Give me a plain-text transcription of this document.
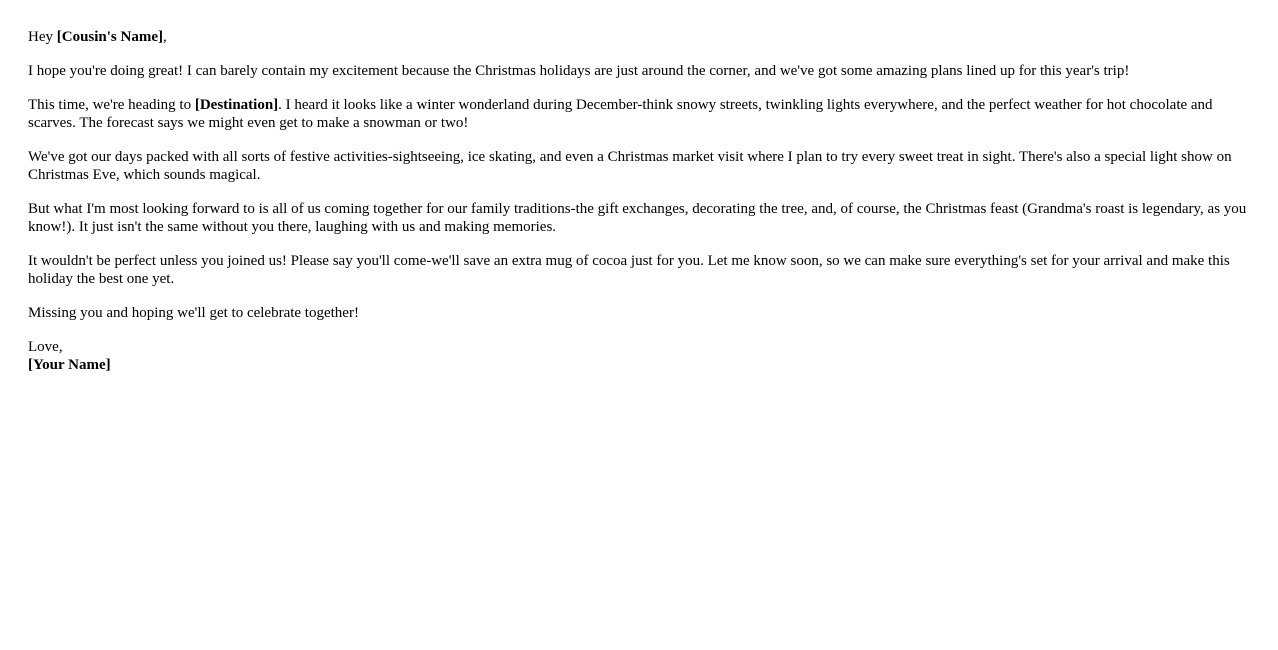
Hey [Cousin's Name],

I hope you're doing great! I can barely contain my excitement because the Christmas holidays are just around the corner, and we've got some amazing plans lined up for this year's trip!

This time, we're heading to [Destination]. I heard it looks like a winter wonderland during December-think snowy streets, twinkling lights everywhere, and the perfect weather for hot chocolate and scarves. The forecast says we might even get to make a snowman or two!

We've got our days packed with all sorts of festive activities-sightseeing, ice skating, and even a Christmas market visit where I plan to try every sweet treat in sight. There's also a special light show on Christmas Eve, which sounds magical.

But what I'm most looking forward to is all of us coming together for our family traditions-the gift exchanges, decorating the tree, and, of course, the Christmas feast (Grandma's roast is legendary, as you know!). It just isn't the same without you there, laughing with us and making memories.

It wouldn't be perfect unless you joined us! Please say you'll come-we'll save an extra mug of cocoa just for you. Let me know soon, so we can make sure everything's set for your arrival and make this holiday the best one yet.

Missing you and hoping we'll get to celebrate together!

Love,

[Your Name]
